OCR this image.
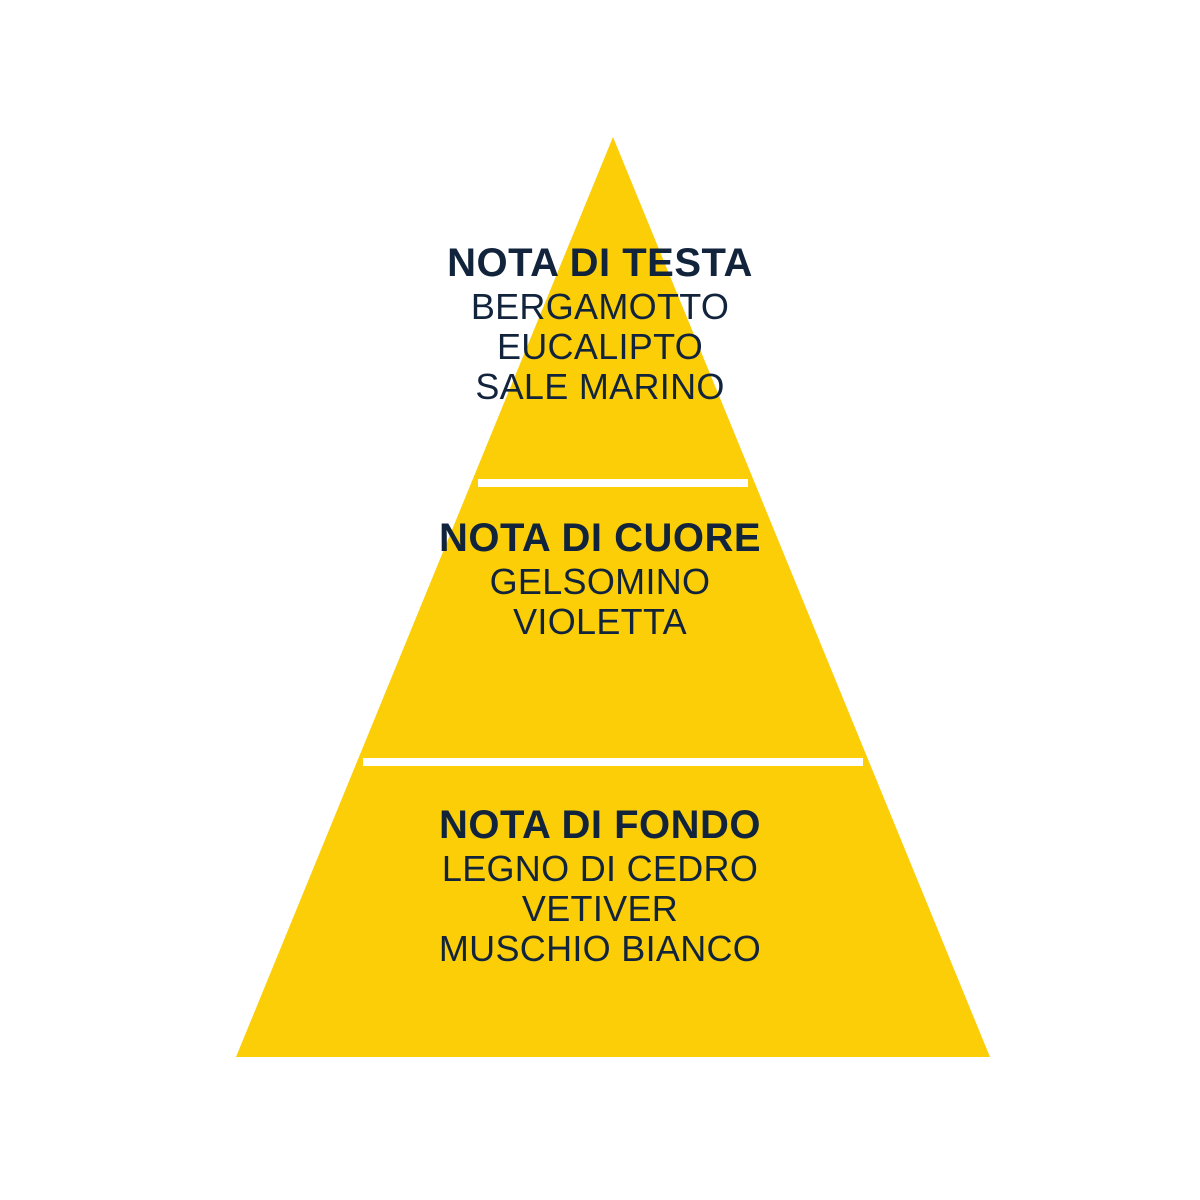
NOTA DI TESTA
BERGAMOTTO
EUCALIPTO
SALE MARINO
NOTA DI CUORE
GELSOMINO
VIOLETTA
NOTA DI FONDO
LEGNO DI CEDRO
VETIVER
MUSCHIO BIANCO
